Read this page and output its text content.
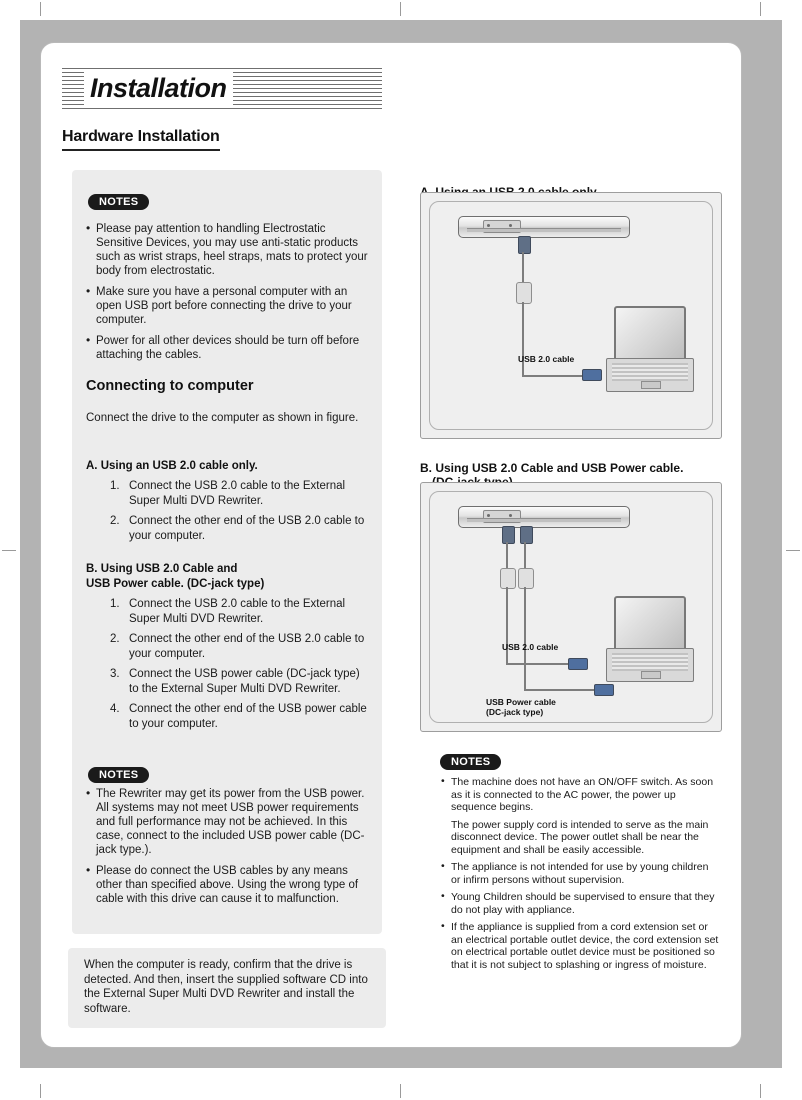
Installation
Hardware Installation
NOTES
• Please pay attention to handling Electrostatic Sensitive Devices, you may use anti-static products such as wrist straps, heel straps, mats to protect your body from electrostatic.
• Make sure you have a personal computer with an open USB port before connecting the drive to your computer.
• Power for all other devices should be turn off before attaching the cables.
Connecting to computer

Connect the drive to the computer as shown in figure.

A. Using an USB 2.0 cable only.

1. Connect the USB 2.0 cable to the External Super Multi DVD Rewriter.
2. Connect the other end of the USB 2.0 cable to your computer.

B. Using USB 2.0 Cable and

USB Power cable. (DC-jack type)

1. Connect the USB 2.0 cable to the External Super Multi DVD Rewriter.
2. Connect the other end of the USB 2.0 cable to your computer.
3. Connect the USB power cable (DC-jack type) to the External Super Multi DVD Rewriter.
4. Connect the other end of the USB power cable to your computer.
NOTES
• The Rewriter may get its power from the USB power. All systems may not meet USB power requirements and full performance may not be achieved. In this case, connect to the included USB power cable (DC-jack type.).
• Please do connect the USB cables by any means other than specified above. Using the wrong type of cable with this drive can cause it to malfunction.

When the computer is ready, confirm that the drive is detected. And then, insert the supplied software CD into the External Super Multi DVD Rewriter and install the software.

USB 2.0 cable

B. Using USB 2.0 Cable and USB Power cable.

USB 2.0 cable
USB Power cable
(DC-jack type)
NOTES
• The machine does not have an ON/OFF switch. As soon as it is connected to the AC power, the power up sequence begins.
The power supply cord is intended to serve as the main disconnect device. The power outlet shall be near the equipment and shall be easily accessible.
• The appliance is not intended for use by young children or infirm persons without supervision.
• Young Children should be supervised to ensure that they do not play with appliance.
• If the appliance is supplied from a cord extension set or an electrical portable outlet device, the cord extension set on electrical portable outlet device must be positioned so that it is not subject to splashing or ingress of moisture.
